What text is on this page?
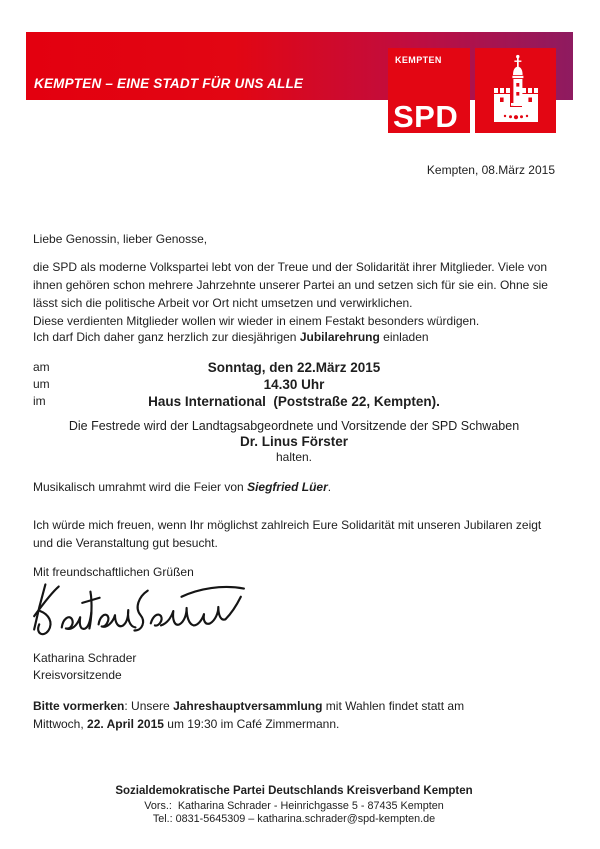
KEMPTEN – EINE STADT FÜR UNS ALLE
KEMPTEN
SPD
Kempten, 08.März 2015
Liebe Genossin, lieber Genosse,
die SPD als moderne Volkspartei lebt von der Treue und der Solidarität ihrer Mitglieder. Viele von
ihnen gehören schon mehrere Jahrzehnte unserer Partei an und setzen sich für sie ein. Ohne sie
lässt sich die politische Arbeit vor Ort nicht umsetzen und verwirklichen.
Diese verdienten Mitglieder wollen wir wieder in einem Festakt besonders würdigen.
Ich darf Dich daher ganz herzlich zur diesjährigen Jubilarehrung einladen
am	Sonntag, den 22.März 2015
um	14.30 Uhr
im	Haus International  (Poststraße 22, Kempten).
Die Festrede wird der Landtagsabgeordnete und Vorsitzende der SPD Schwaben
Dr. Linus Förster
halten.
Musikalisch umrahmt wird die Feier von Siegfried Lüer.
Ich würde mich freuen, wenn Ihr möglichst zahlreich Eure Solidarität mit unseren Jubilaren zeigt
und die Veranstaltung gut besucht.
Mit freundschaftlichen Grüßen
Katharina Schrader
Kreisvorsitzende
Bitte vormerken: Unsere Jahreshauptversammlung mit Wahlen findet statt am
Mittwoch, 22. April 2015 um 19:30 im Café Zimmermann.
Sozialdemokratische Partei Deutschlands Kreisverband Kempten
Vors.:  Katharina Schrader - Heinrichgasse 5 - 87435 Kempten
Tel.: 0831-5645309 – katharina.schrader@spd-kempten.de
